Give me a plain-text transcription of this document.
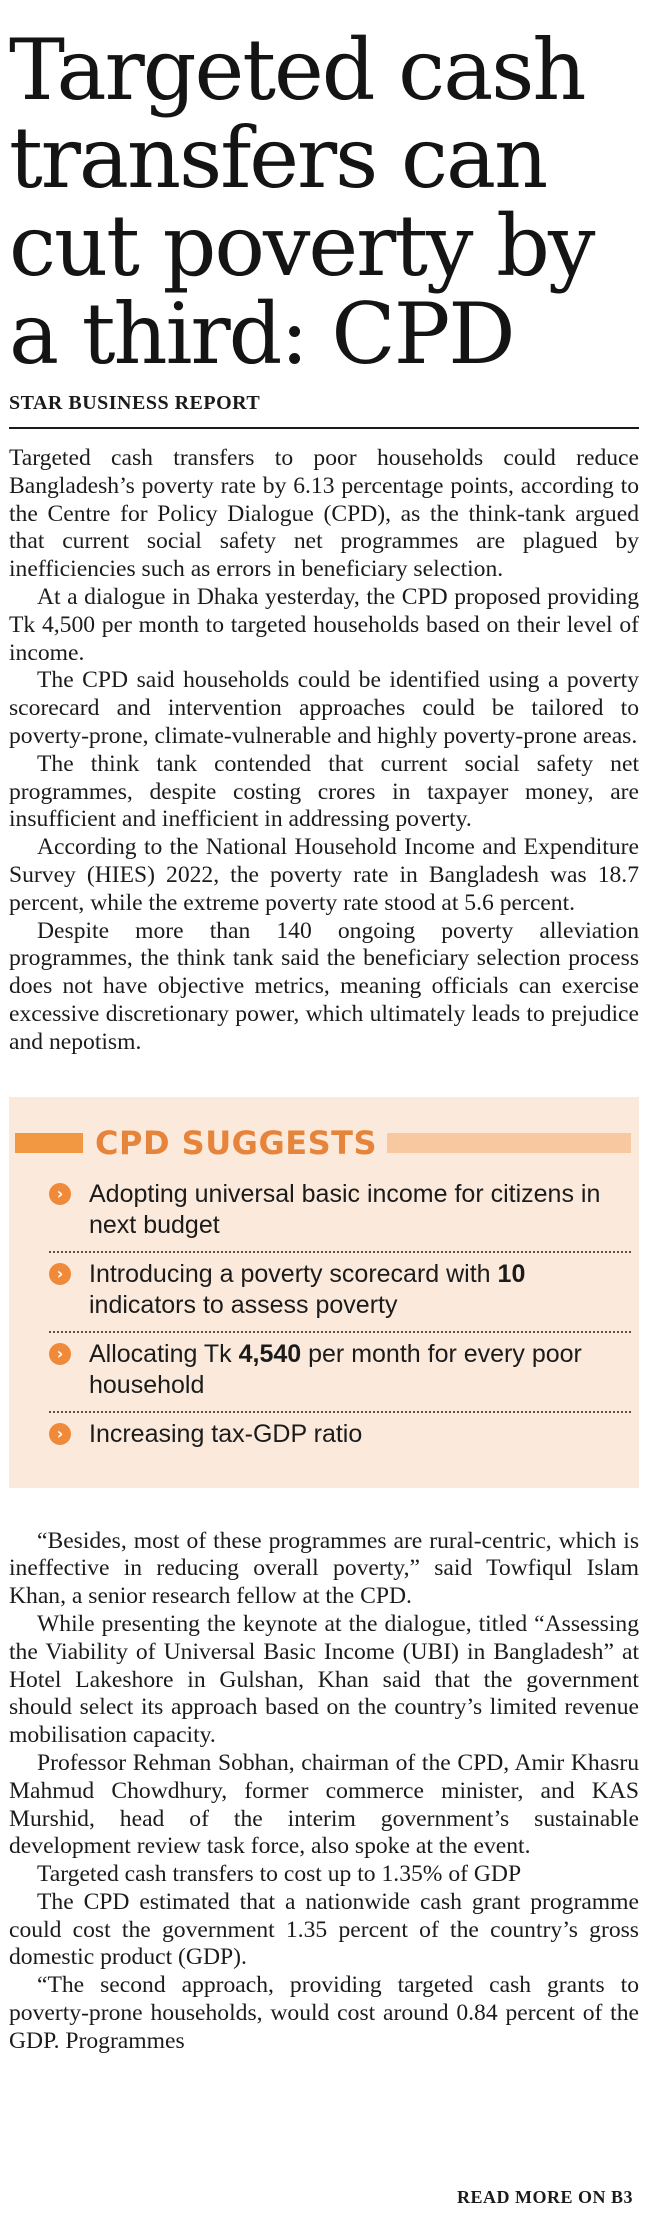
Targeted cash transfers can cut poverty by a third: CPD
STAR BUSINESS REPORT

Targeted cash transfers to poor households could reduce Bangladesh’s poverty rate by 6.13 percentage points, according to the Centre for Policy Dialogue (CPD), as the think-tank argued that current social safety net programmes are plagued by inefficiencies such as errors in beneficiary selection.

At a dialogue in Dhaka yesterday, the CPD proposed providing Tk 4,500 per month to targeted households based on their level of income.

The CPD said households could be identified using a poverty scorecard and intervention approaches could be tailored to poverty-prone, climate-vulnerable and highly poverty-prone areas.

The think tank contended that current social safety net programmes, despite costing crores in taxpayer money, are insufficient and inefficient in addressing poverty.

According to the National Household Income and Expenditure Survey (HIES) 2022, the poverty rate in Bangladesh was 18.7 percent, while the extreme poverty rate stood at 5.6 percent.

Despite more than 140 ongoing poverty alleviation programmes, the think tank said the beneficiary selection process does not have objective metrics, meaning officials can exercise excessive discretionary power, which ultimately leads to prejudice and nepotism.

CPD SUGGESTS
›	Adopting universal basic income for citizens in next budget
›	Introducing a poverty scorecard with 10 indicators to assess poverty
›	Allocating Tk 4,540 per month for every poor household
›	Increasing tax-GDP ratio

“Besides, most of these programmes are rural-centric, which is ineffective in reducing overall poverty,” said Towfiqul Islam Khan, a senior research fellow at the CPD.

While presenting the keynote at the dialogue, titled “Assessing the Viability of Universal Basic Income (UBI) in Bangladesh” at Hotel Lakeshore in Gulshan, Khan said that the government should select its approach based on the country’s limited revenue mobilisation capacity.

Professor Rehman Sobhan, chairman of the CPD, Amir Khasru Mahmud Chowdhury, former commerce minister, and KAS Murshid, head of the interim government’s sustainable development review task force, also spoke at the event.

Targeted cash transfers to cost up to 1.35% of GDP

The CPD estimated that a nationwide cash grant programme could cost the government 1.35 percent of the country’s gross domestic product (GDP).

“The second approach, providing targeted cash grants to poverty-prone households, would cost around 0.84 percent of the GDP. Programmes

READ MORE ON B3
